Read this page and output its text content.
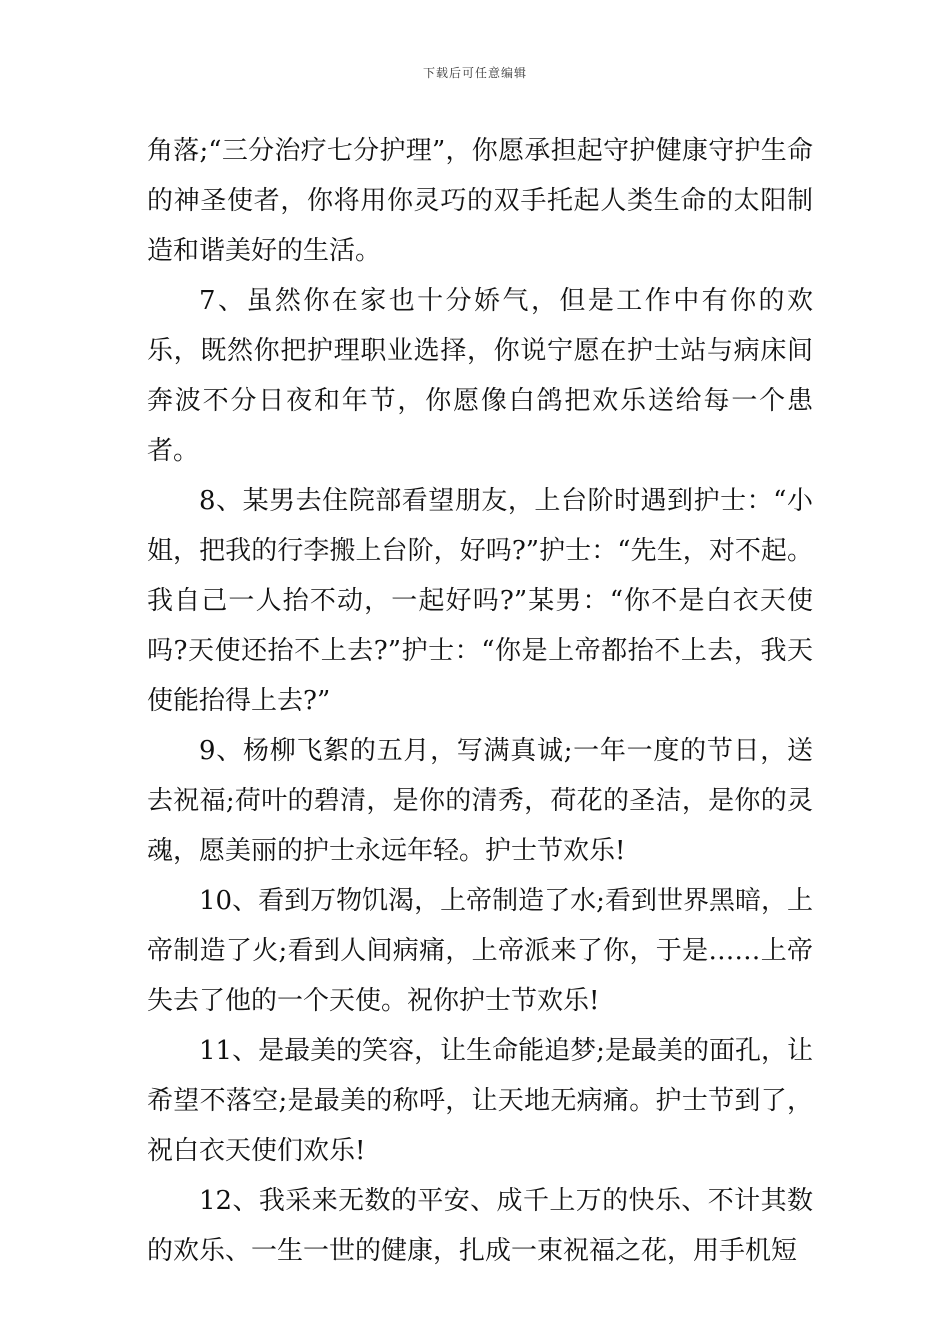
下载后可任意编辑

角落;“三分治疗七分护理”，你愿承担起守护健康守护生命的神圣使者，你将用你灵巧的双手托起人类生命的太阳制造和谐美好的生活。

7、虽然你在家也十分娇气，但是工作中有你的欢乐，既然你把护理职业选择，你说宁愿在护士站与病床间奔波不分日夜和年节，你愿像白鸽把欢乐送给每一个患者。

8、某男去住院部看望朋友，上台阶时遇到护士：“小姐，把我的行李搬上台阶，好吗?”护士：“先生，对不起。我自己一人抬不动，一起好吗?”某男：“你不是白衣天使吗?天使还抬不上去?”护士：“你是上帝都抬不上去，我天使能抬得上去?”

9、杨柳飞絮的五月，写满真诚;一年一度的节日，送去祝福;荷叶的碧清，是你的清秀，荷花的圣洁，是你的灵魂，愿美丽的护士永远年轻。护士节欢乐!

10、看到万物饥渴，上帝制造了水;看到世界黑暗，上帝制造了火;看到人间病痛，上帝派来了你，于是……上帝失去了他的一个天使。祝你护士节欢乐!

11、是最美的笑容，让生命能追梦;是最美的面孔，让希望不落空;是最美的称呼，让天地无病痛。护士节到了，祝白衣天使们欢乐!

12、我采来无数的平安、成千上万的快乐、不计其数的欢乐、一生一世的健康，扎成一束祝福之花，用手机短
